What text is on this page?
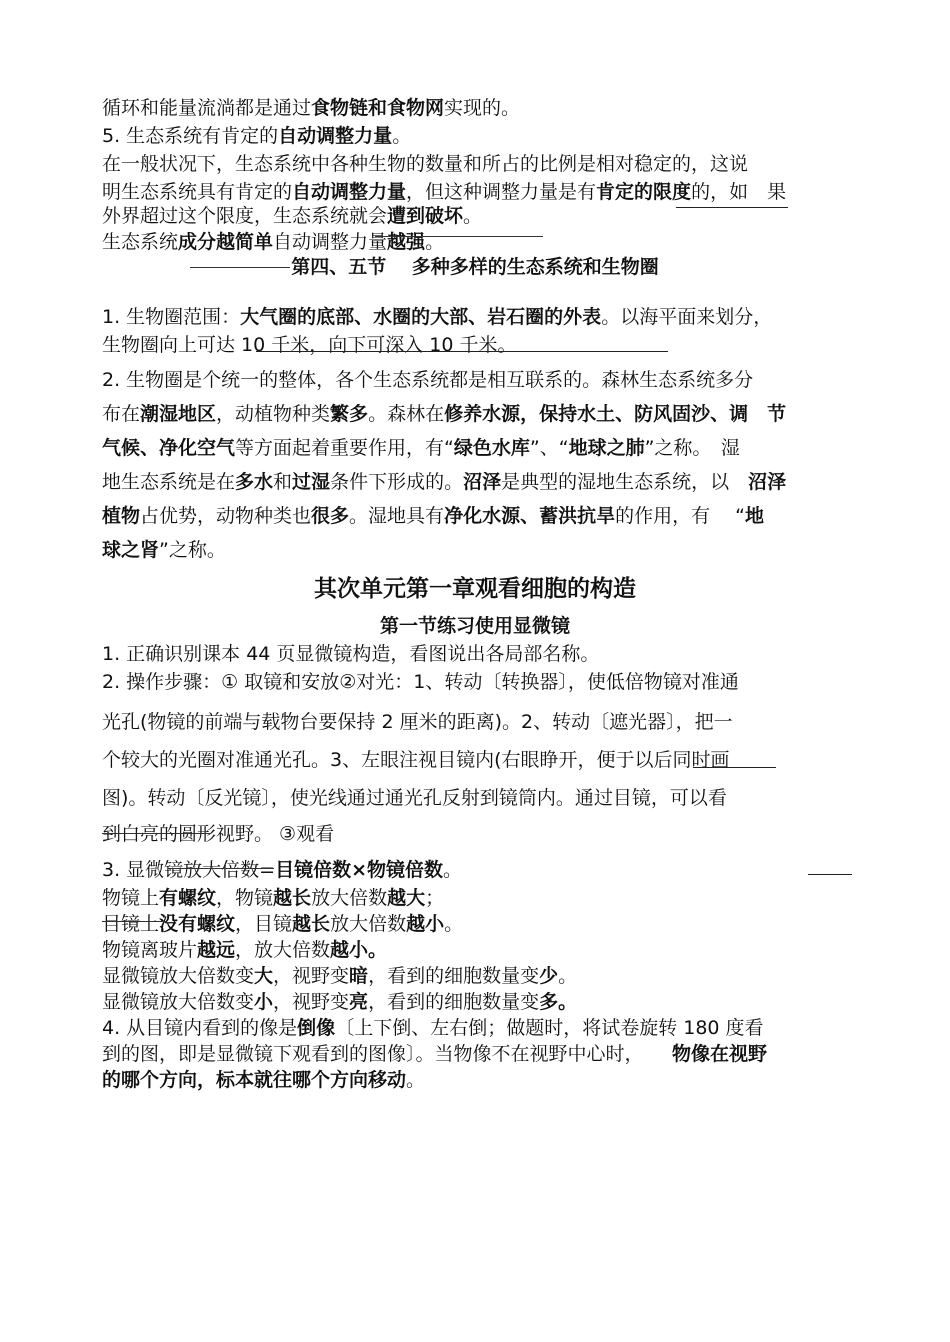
循环和能量流淌都是通过食物链和食物网实现的。
5. 生态系统有肯定的自动调整力量。
在一般状况下，生态系统中各种生物的数量和所占的比例是相对稳定的，这说
明生态系统具有肯定的自动调整力量，但这种调整力量是有肯定的限度的，如　果
外界超过这个限度，生态系统就会遭到破坏。
生态系统成分越简单自动调整力量越强。
第四、五节　 多种多样的生态系统和生物圈
1. 生物圈范围：大气圈的底部、水圈的大部、岩石圈的外表。以海平面来划分，
生物圈向上可达 10 千米，向下可深入 10 千米。
2. 生物圈是个统一的整体，各个生态系统都是相互联系的。森林生态系统多分
布在潮湿地区，动植物种类繁多。森林在修养水源，保持水土、防风固沙、调　节
气候、净化空气等方面起着重要作用，有“绿色水库”、“地球之肺”之称。　湿
地生态系统是在多水和过湿条件下形成的。沼泽是典型的湿地生态系统，以　沼泽
植物占优势，动物种类也很多。湿地具有净化水源、蓄洪抗旱的作用，有　 “地
球之肾”之称。
其次单元第一章观看细胞的构造
第一节练习使用显微镜
1. 正确识别课本 44 页显微镜构造，看图说出各局部名称。
2. 操作步骤：① 取镜和安放②对光：1、转动〔转换器〕，使低倍物镜对准通
光孔(物镜的前端与载物台要保持 2 厘米的距离)。2、转动〔遮光器〕，把一
个较大的光圈对准通光孔。3、左眼注视目镜内(右眼睁开，便于以后同时画
图)。转动〔反光镜〕，使光线通过通光孔反射到镜筒内。通过目镜，可以看
到白亮的圆形视野。 ③观看
3. 显微镜放大倍数=目镜倍数×物镜倍数。
物镜上有螺纹，物镜越长放大倍数越大；
目镜上没有螺纹，目镜越长放大倍数越小。
物镜离玻片越远，放大倍数越小。
显微镜放大倍数变大，视野变暗，看到的细胞数量变少。
显微镜放大倍数变小，视野变亮，看到的细胞数量变多。
4. 从目镜内看到的像是倒像〔上下倒、左右倒；做题时，将试卷旋转 180 度看
到的图，即是显微镜下观看到的图像〕。当物像不在视野中心时，　　物像在视野
的哪个方向，标本就往哪个方向移动。
